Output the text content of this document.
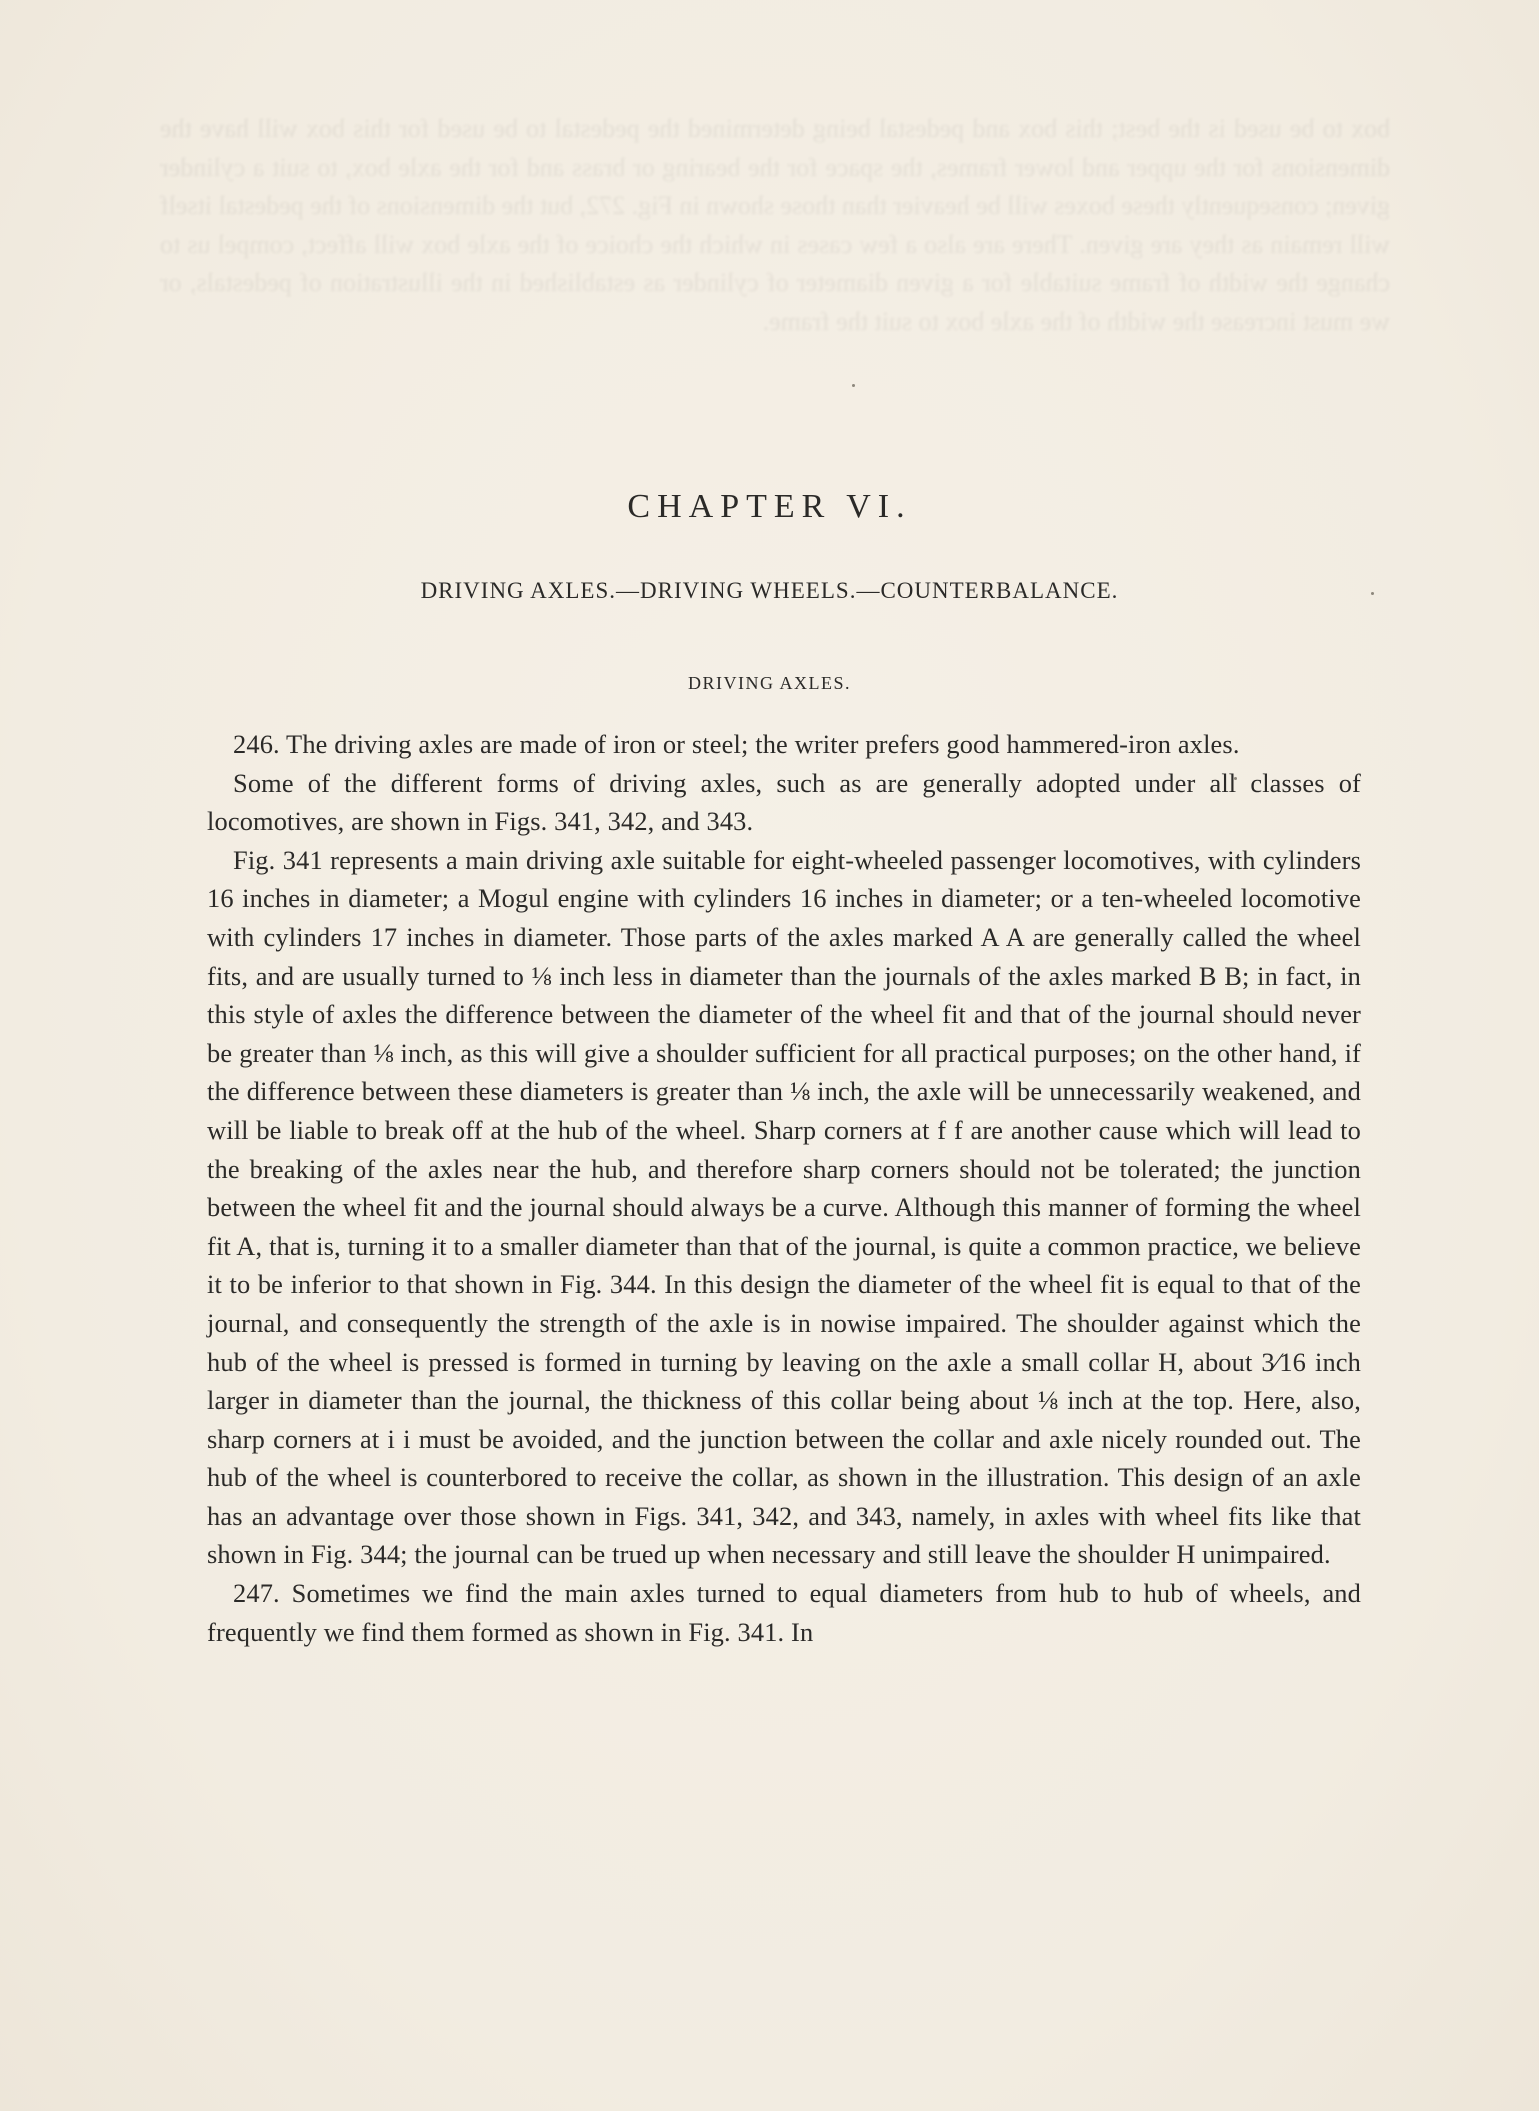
box to be used is the best; this box and pedestal being determined the pedestal to be used for this box will have the dimensions for the upper and lower frames, the space for the bearing or brass and for the axle box, to suit a cylinder given; consequently these boxes will be heavier than those shown in Fig. 272, but the dimensions of the pedestal itself will remain as they are given. There are also a few cases in which the choice of the axle box will affect, compel us to change the width of frame suitable for a given diameter of cylinder as established in the illustration of pedestals, or we must increase the width of the axle box to suit the frame.
CHAPTER VI.
DRIVING AXLES.—DRIVING WHEELS.—COUNTERBALANCE.
DRIVING AXLES.

246. The driving axles are made of iron or steel; the writer prefers good hammered-iron axles.

Some of the different forms of driving axles, such as are generally adopted under all classes of locomotives, are shown in Figs. 341, 342, and 343.

Fig. 341 represents a main driving axle suitable for eight-wheeled passenger locomotives, with cylinders 16 inches in diameter; a Mogul engine with cylinders 16 inches in diameter; or a ten-wheeled locomotive with cylinders 17 inches in diameter. Those parts of the axles marked A A are generally called the wheel fits, and are usually turned to ⅛ inch less in diameter than the journals of the axles marked B B; in fact, in this style of axles the difference between the diameter of the wheel fit and that of the journal should never be greater than ⅛ inch, as this will give a shoulder sufficient for all practical purposes; on the other hand, if the difference between these diameters is greater than ⅛ inch, the axle will be unnecessarily weakened, and will be liable to break off at the hub of the wheel. Sharp corners at f f are another cause which will lead to the breaking of the axles near the hub, and therefore sharp corners should not be tolerated; the junction between the wheel fit and the journal should always be a curve. Although this manner of forming the wheel fit A, that is, turning it to a smaller diameter than that of the journal, is quite a common practice, we believe it to be inferior to that shown in Fig. 344. In this design the diameter of the wheel fit is equal to that of the journal, and consequently the strength of the axle is in nowise impaired. The shoulder against which the hub of the wheel is pressed is formed in turning by leaving on the axle a small collar H, about 3⁄16 inch larger in diameter than the journal, the thickness of this collar being about ⅛ inch at the top. Here, also, sharp corners at i i must be avoided, and the junction between the collar and axle nicely rounded out. The hub of the wheel is counterbored to receive the collar, as shown in the illustration. This design of an axle has an advantage over those shown in Figs. 341, 342, and 343, namely, in axles with wheel fits like that shown in Fig. 344; the journal can be trued up when necessary and still leave the shoulder H unimpaired.

247. Sometimes we find the main axles turned to equal diameters from hub to hub of wheels, and frequently we find them formed as shown in Fig. 341. In
